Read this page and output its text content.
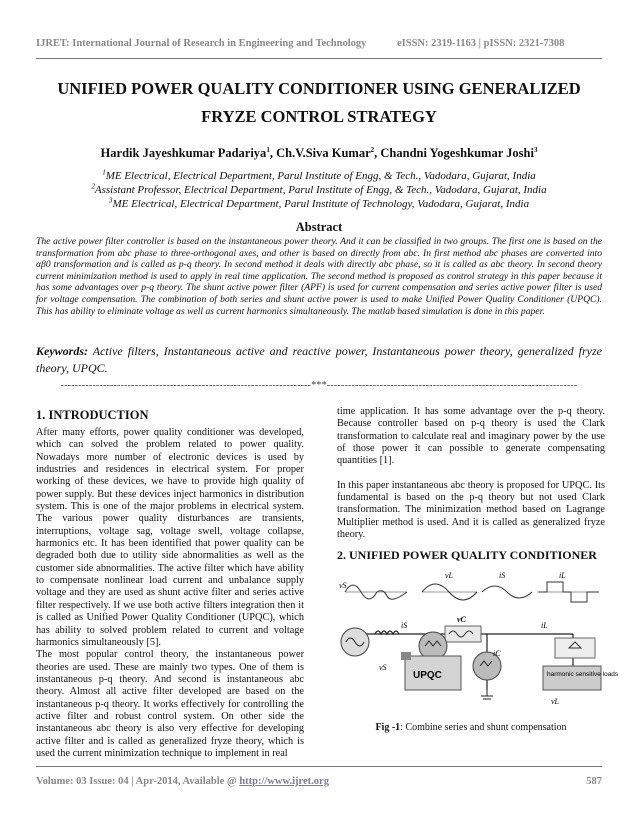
IJRET: International Journal of Research in Engineering and Technology	eISSN: 2319-1163 | pISSN: 2321-7308
UNIFIED POWER QUALITY CONDITIONER USING GENERALIZED
FRYZE CONTROL STRATEGY
Hardik Jayeshkumar Padariya$^1$, Ch.V.Siva Kumar$^2$, Chandni Yogeshkumar Joshi$^3$
$^1$ME Electrical, Electrical Department, Parul Institute of Engg, & Tech., Vadodara, Gujarat, India
$^2$Assistant Professor, Electrical Department, Parul Institute of Engg, & Tech., Vadodara, Gujarat, India
$^3$ME Electrical, Electrical Department, Parul Institute of Technology, Vadodara, Gujarat, India
Abstract
The active power filter controller is based on the instantaneous power theory. And it can be classified in two groups. The first one is based on the transformation from abc phase to three-orthogonal axes, and other is based on directly from abc. In first method abc phases are converted into αβ0 transformation and is called as p-q theory. In second method it deals with directly abc phase, so it is called as abc theory. In second theory current minimization method is used to apply in real time application. The second method is proposed as control strategy in this paper because it has some advantages over p-q theory. The shunt active power filter (APF) is used for current compensation and series active power filter is used for voltage compensation. The combination of both series and shunt active power is used to make Unified Power Quality Conditioner (UPQC). This has ability to eliminate voltage as well as current harmonics simultaneously. The matlab based simulation is done in this paper.
Keywords: Active filters, Instantaneous active and reactive power, Instantaneous power theory, generalized fryze theory, UPQC.
-----------------------------------------------------------------------***-----------------------------------------------------------------------
1. INTRODUCTION

After many efforts, power quality conditioner was developed, which can solved the problem related to power quality. Nowadays more number of electronic devices is used by industries and residences in electrical system. For proper working of these devices, we have to provide high quality of power supply. But these devices inject harmonics in distribution system. This is one of the major problems in electrical system. The various power quality disturbances are transients, interruptions, voltage sag, voltage swell, voltage collapse, harmonics etc. It has been identified that power quality can be degraded both due to utility side abnormalities as well as the customer side abnormalities. The active filter which have ability to compensate nonlinear load current and unbalance supply voltage and they are used as shunt active filter and series active filter respectively. If we use both active filters integration then it is called as Unified Power Quality Conditioner (UPQC), which has ability to solved problem related to current and voltage harmonics simultaneously [5].

The most popular control theory, the instantaneous power theories are used. These are mainly two types. One of them is instantaneous p-q theory. And second is instantaneous abc theory. Almost all active filter developed are based on the instantaneous p-q theory. It works effectively for controlling the active filter and robust control system. On other side the instantaneous abc theory is also very effective for developing active filter and is called as generalized fryze theory, which is used the current minimization technique to implement in real

time application. It has some advantage over the p-q theory. Because controller based on p-q theory is used the Clark transformation to calculate real and imaginary power by the use of those power it can possible to generate compensating quantities [1].

In this paper instantaneous abc theory is proposed for UPQC. Its fundamental is based on the p-q theory but not used Clark transformation. The minimization method based on Lagrange Multiplier method is used. And it is called as generalized fryze theory.

2. UNIFIED POWER QUALITY CONDITIONER
vS
vL	iS	iL
UPQC	harmonic sensitive loads
vC
iS	iL
iC
vS
vL
Fig -1: Combine series and shunt compensation
Volume: 03 Issue: 04 | Apr-2014, Available @ http://www.ijret.org	587
